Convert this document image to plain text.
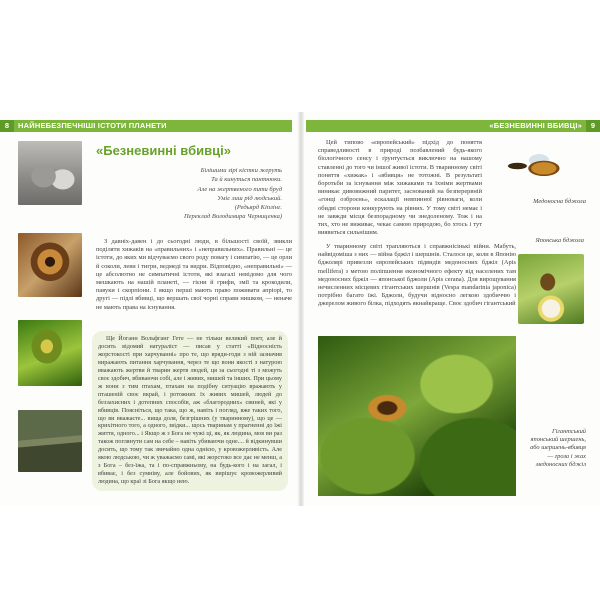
8 НАЙНЕБЕЗПЕЧНІШІ ІСТОТИ ПЛАНЕТИ	«БЕЗНЕВИННІ ВБИВЦІ» 9
«Безневинні вбивці»
Білішими зірі кістки жеруть
Та й кинуться пантнюки.
Але на жертвеного пити бруд
Уміє лиш рід людський.
(Редьярд Кіплінг.
Переклад Володимира Черниценка)
З давніх-давен і до сьогодні люди, в більшості своїй, звикли поділяти хижаків на «правильних» і «неправильних». Правильні — це істоти, до яких ми відчуваємо свого роду повагу і симпатію, — це орли й соколи, леви і тигри, ведмеді та видри. Відповідно, «неправильні» — це абсолютно не симпатичні істоти, які взагалі невідомо для чого мешкають на нашій планеті, — гієни й грифи, змії та крокодили, павуки і скорпіони. І якщо перші мають право поживати апріорі, то другі — підлі вбивці, що вершать свої чорні справи нишком, — неначе не мають права на існування.
Ще Йоганн Вольфганг Гете — не тільки великий поет, але й досить відомий натураліст — писав у статті «Відносність жорстокості при харчуванні» про те, що вряди-годи з ній зазначив виражають питання харчування, через те що вони якості з натурою вважають жертви й тварин жертв людей, ця за сьогодні ті з можуть своє здобич, вбиваючи собі, але і живих, мишей та інших. При цьому ж вони з тим птахам, птахам на подібну ситуацію вражають у пташеній своє вкрай, і ротожних їх живих мишей, людей до беззахисних і дотепних способів, аж «благородних» свиней, які у вбивців. Поясніться, що така, що ж, навіть і погляд, вже таких того, що ви вважаєте... вища доля, безгрішних (у тваринному), що це — крихітного того, а одного, звідки... щось тваринам у прагненні до їжі життя, одного... і Якщо ж з Бога не чужі ці, як, як людина, мов ви раз також поглянути сам на себе – навіть убиваючи одне.... й відкинувши досить, що тому так звичайно одна однією, у кровожерливість. Але якою людською, чи ж уважаємо самі, які жорстоко все дає не менш, а з Бога – без-їжа, та і по-справжньому, на будь-кого і на загал, і вбиває, і без сумніву, але бойових, як вирішує кровожерливий людина, що краї зі Бога якщо нею.
Цей типово «європейський» підхід до поняття справедливості в природі позбавлений будь-якого біологічного сенсу і ґрунтується виключно на нашому ставленні до того чи іншої живої істоти. В тваринному світі поняття «хижак» і «вбивця» не тотожні. В результаті боротьби за існування між хижаками та їхніми жертвами виникає дивовижний паритет, заснований на безперервній «гонці озброєнь», ескалації невпинної рівноваги, коли обидві сторони конкурують на рівних. У тому світі немає і не завжди місця безпорадному чи знедоленому. Тож і на тих, хто не виживає, чекає самою природою, бо хтось і тут виявиться сильнішим.
Медоносна бджола
Японська бджола
У тваринному світі трапляються і справжнісінькі війни. Мабуть, найвідоміша з них — війна бджіл і шершнів. Сталося це, коли в Японію бджолярі привезли європейських підвидів медоносних бджіл (Apis mellifera) з метою поліпшення економічного ефекту від населених там медоносних бджіл — японської бджоли (Apis cerana). Для вирощування нечисленних місцевих гігантських шершнів (Vespa mandarinia japonica) потрібно багато їжі. Бджоли, будучи відносно легкою здобиччю і джерелом живого білка, підходять якнайкраще. Своє здобич гігантський
Гігантський японський шершень, або шершень-вбивця — гроза і жах медоносних бджіл
